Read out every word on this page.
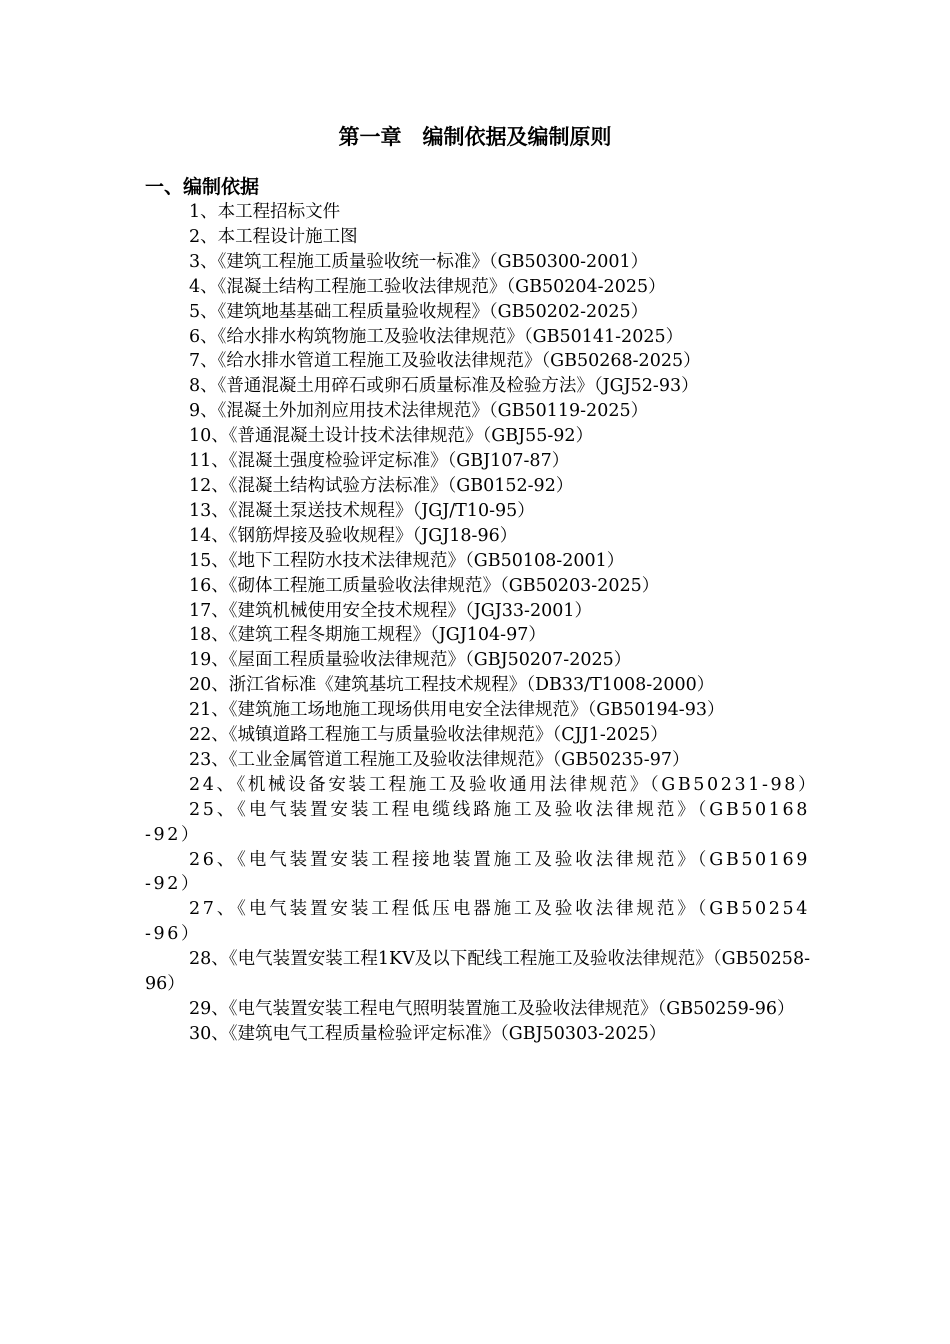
第一章　编制依据及编制原则
一、编制依据
1、本工程招标文件
2、本工程设计施工图
3、《建筑工程施工质量验收统一标准》（GB50300-2001）
4、《混凝土结构工程施工验收法律规范》（GB50204-2025）
5、《建筑地基基础工程质量验收规程》（GB50202-2025）
6、《给水排水构筑物施工及验收法律规范》（GB50141-2025）
7、《给水排水管道工程施工及验收法律规范》（GB50268-2025）
8、《普通混凝土用碎石或卵石质量标准及检验方法》（JGJ52-93）
9、《混凝土外加剂应用技术法律规范》（GB50119-2025）
10、《普通混凝土设计技术法律规范》（GBJ55-92）
11、《混凝土强度检验评定标准》（GBJ107-87）
12、《混凝土结构试验方法标准》（GB0152-92）
13、《混凝土泵送技术规程》（JGJ/T10-95）
14、《钢筋焊接及验收规程》（JGJ18-96）
15、《地下工程防水技术法律规范》（GB50108-2001）
16、《砌体工程施工质量验收法律规范》（GB50203-2025）
17、《建筑机械使用安全技术规程》（JGJ33-2001）
18、《建筑工程冬期施工规程》（JGJ104-97）
19、《屋面工程质量验收法律规范》（GBJ50207-2025）
20、浙江省标准《建筑基坑工程技术规程》（DB33/T1008-2000）
21、《建筑施工场地施工现场供用电安全法律规范》（GB50194-93）
22、《城镇道路工程施工与质量验收法律规范》（CJJ1-2025）
23、《工业金属管道工程施工及验收法律规范》（GB50235-97）
24、《机械设备安装工程施工及验收通用法律规范》（GB50231-98）
25、《电气装置安装工程电缆线路施工及验收法律规范》（GB50168-92）
26、《电气装置安装工程接地装置施工及验收法律规范》（GB50169-92）
27、《电气装置安装工程低压电器施工及验收法律规范》（GB50254-96）
28、《电气装置安装工程1KV及以下配线工程施工及验收法律规范》（GB50258-96）
29、《电气装置安装工程电气照明装置施工及验收法律规范》（GB50259-96）
30、《建筑电气工程质量检验评定标准》（GBJ50303-2025）
